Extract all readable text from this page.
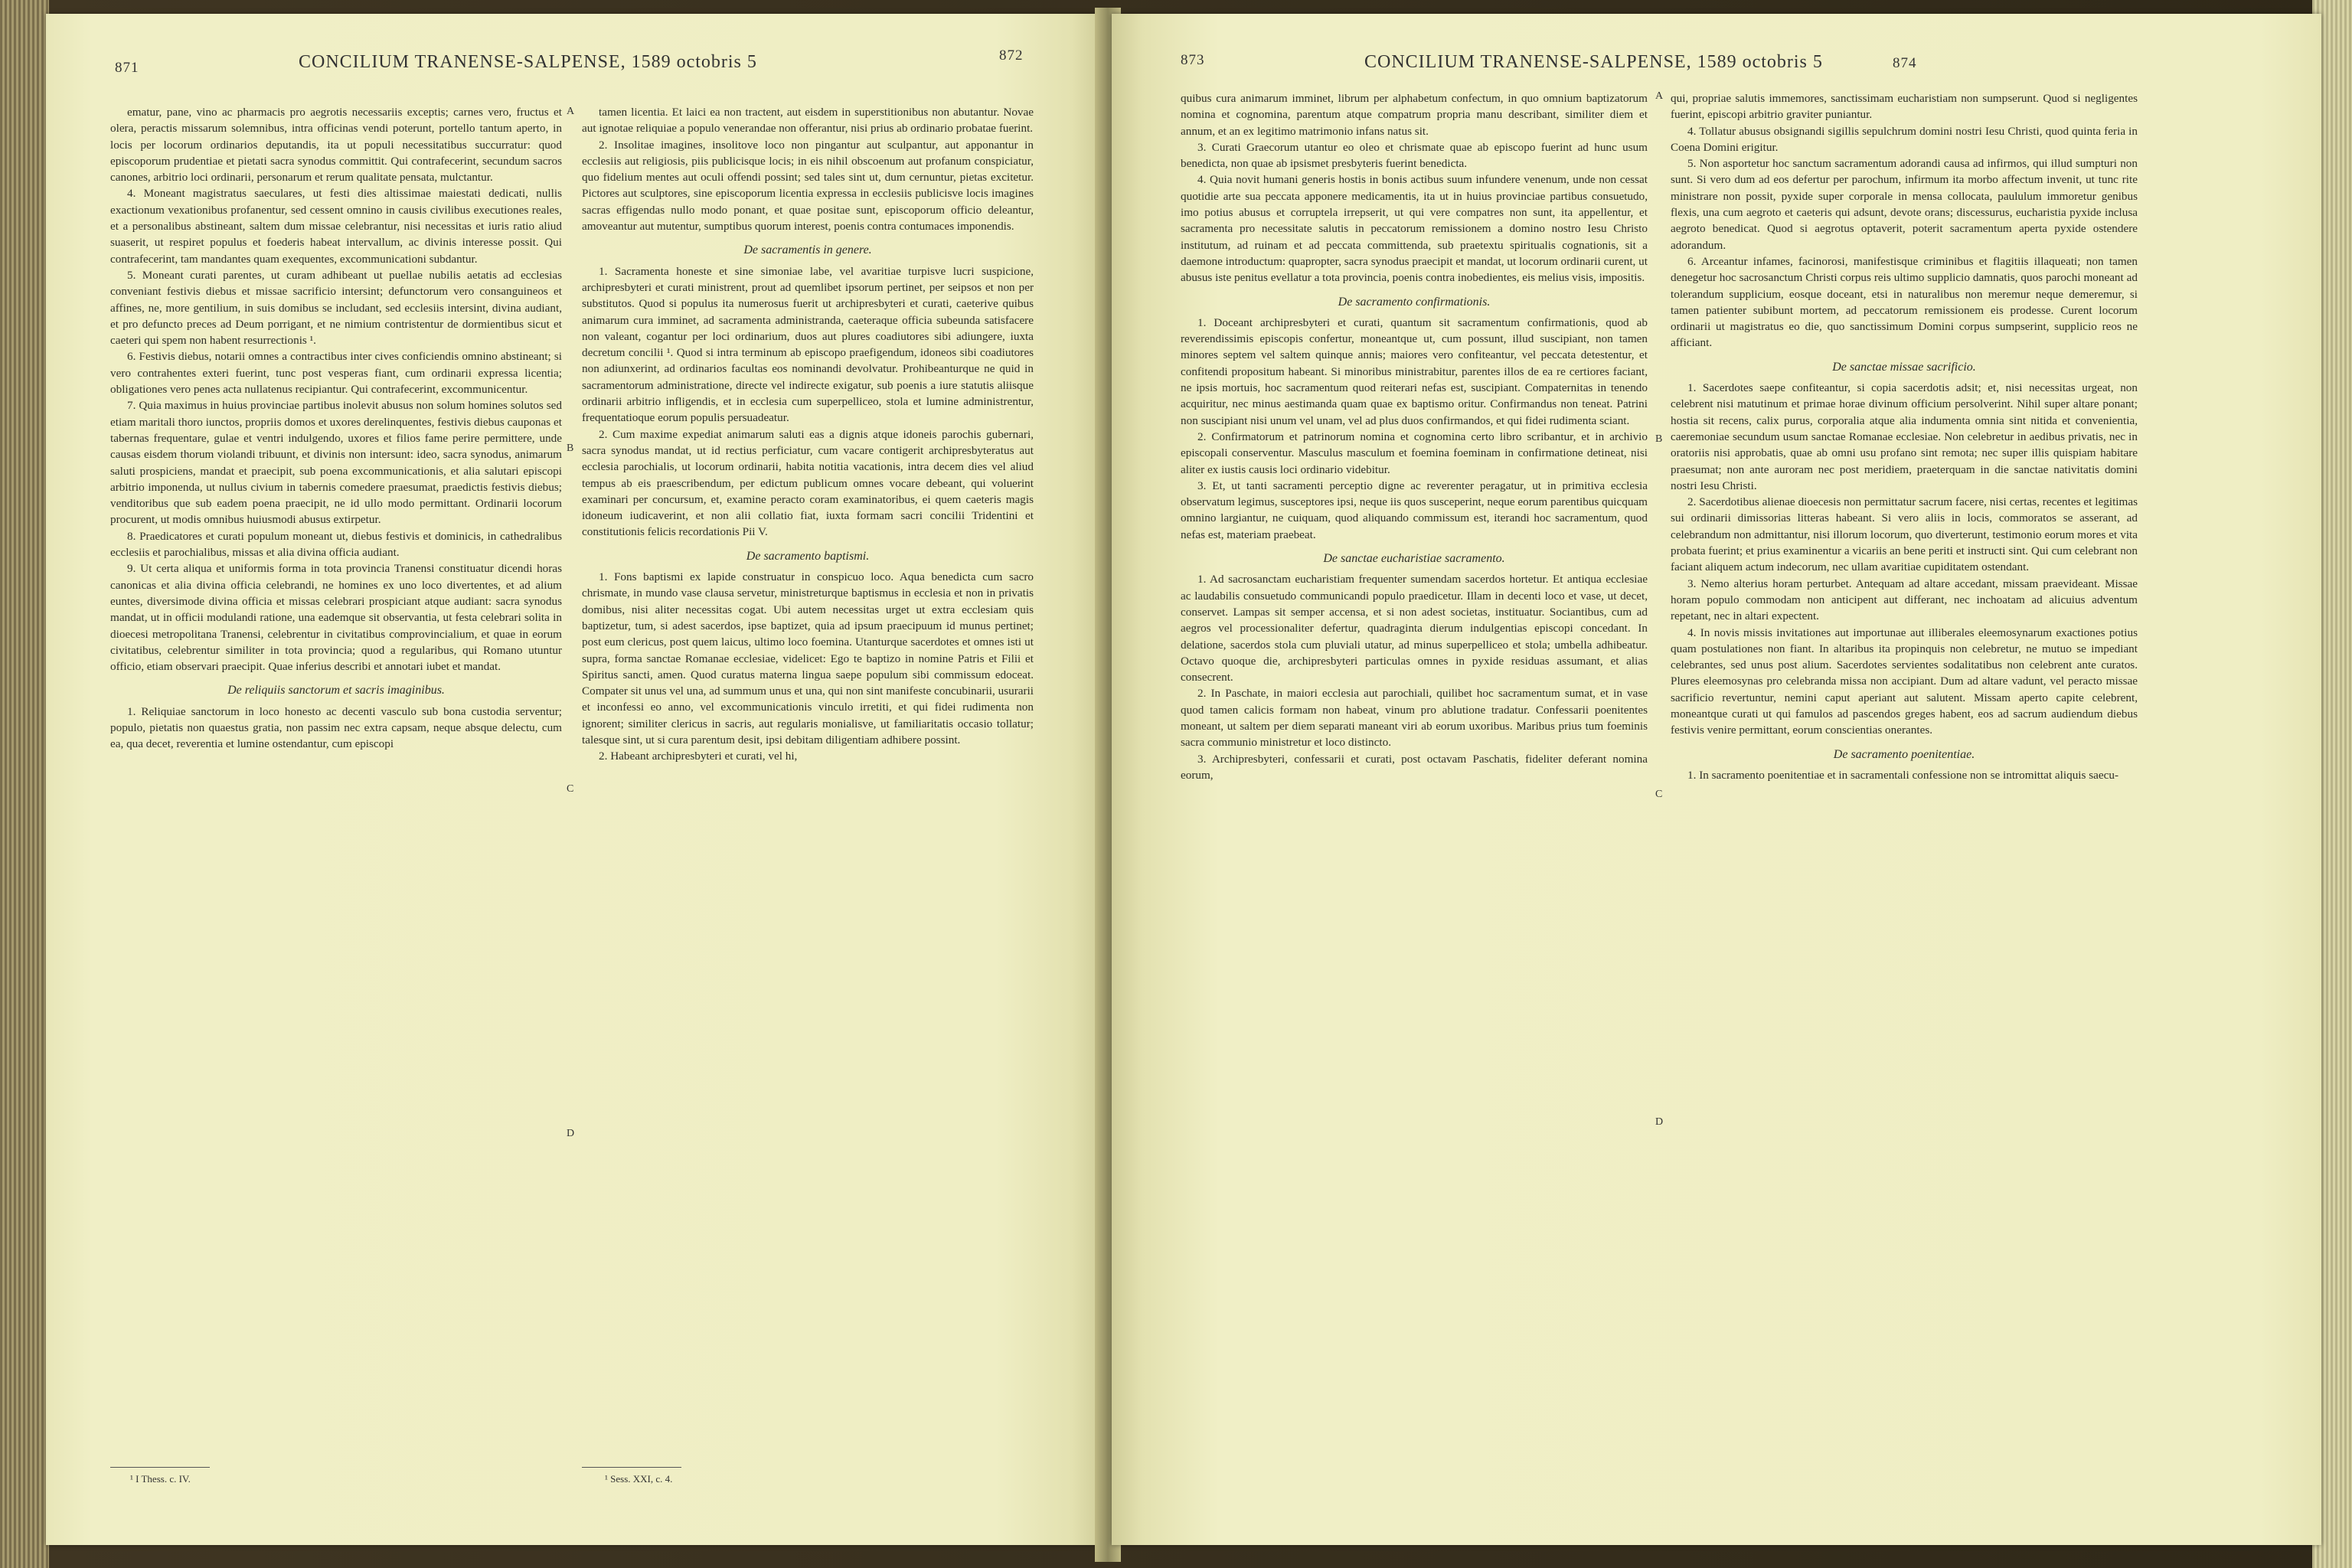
CONCILIUM TRANENSE-SALPENSE, 1589 octobris 5
871
872

ematur, pane, vino ac pharmacis pro aegrotis necessariis exceptis; carnes vero, fructus et olera, peractis missarum solemnibus, intra officinas vendi poterunt, portello tantum aperto, in locis per locorum ordinarios deputandis, ita ut populi necessitatibus succurratur: quod episcoporum prudentiae et pietati sacra synodus committit. Qui contrafecerint, secundum sacros canones, arbitrio loci ordinarii, personarum et rerum qualitate pensata, mulctantur.

4. Moneant magistratus saeculares, ut festi dies altissimae maiestati dedicati, nullis exactionum vexationibus profanentur, sed cessent omnino in causis civilibus executiones reales, et a personalibus abstineant, saltem dum missae celebrantur, nisi necessitas et iuris ratio aliud suaserit, ut respiret populus et foederis habeat intervallum, ac divinis interesse possit. Qui contrafecerint, tam mandantes quam exequentes, excommunicationi subdantur.

5. Moneant curati parentes, ut curam adhibeant ut puellae nubilis aetatis ad ecclesias conveniant festivis diebus et missae sacrificio intersint; defunctorum vero consanguineos et affines, ne, more gentilium, in suis domibus se includant, sed ecclesiis intersint, divina audiant, et pro defuncto preces ad Deum porrigant, et ne nimium contristentur de dormientibus sicut et caeteri qui spem non habent resurrectionis ¹.

6. Festivis diebus, notarii omnes a contractibus inter cives conficiendis omnino abstineant; si vero contrahentes exteri fuerint, tunc post vesperas fiant, cum ordinarii expressa licentia; obligationes vero penes acta nullatenus recipiantur. Qui contrafecerint, excommunicentur.

7. Quia maximus in huius provinciae partibus inolevit abusus non solum homines solutos sed etiam maritali thoro iunctos, propriis domos et uxores derelinquentes, festivis diebus cauponas et tabernas frequentare, gulae et ventri indulgendo, uxores et filios fame perire permittere, unde causas eisdem thorum violandi tribuunt, et divinis non intersunt: ideo, sacra synodus, animarum saluti prospiciens, mandat et praecipit, sub poena excommunicationis, et alia salutari episcopi arbitrio imponenda, ut nullus civium in tabernis comedere praesumat, praedictis festivis diebus; venditoribus que sub eadem poena praecipit, ne id ullo modo permittant. Ordinarii locorum procurent, ut modis omnibus huiusmodi abusus extirpetur.

8. Praedicatores et curati populum moneant ut, diebus festivis et dominicis, in cathedralibus ecclesiis et parochialibus, missas et alia divina officia audiant.

9. Ut certa aliqua et uniformis forma in tota provincia Tranensi constituatur dicendi horas canonicas et alia divina officia celebrandi, ne homines ex uno loco divertentes, et ad alium euntes, diversimode divina officia et missas celebrari prospiciant atque audiant: sacra synodus mandat, ut in officii modulandi ratione, una eademque sit observantia, ut festa celebrari solita in dioecesi metropolitana Tranensi, celebrentur in civitatibus comprovincialium, et quae in eorum civitatibus, celebrentur similiter in tota provincia; quod a regularibus, qui Romano utuntur officio, etiam observari praecipit. Quae inferius describi et annotari iubet et mandat.

De reliquiis sanctorum et sacris imaginibus.

1. Reliquiae sanctorum in loco honesto ac decenti vasculo sub bona custodia serventur; populo, pietatis non quaestus gratia, non passim nec extra capsam, neque absque delectu, cum ea, qua decet, reverentia et lumine ostendantur, cum episcopi

tamen licentia. Et laici ea non tractent, aut eisdem in superstitionibus non abutantur. Novae aut ignotae reliquiae a populo venerandae non offerantur, nisi prius ab ordinario probatae fuerint.

2. Insolitae imagines, insolitove loco non pingantur aut sculpantur, aut apponantur in ecclesiis aut religiosis, piis publicisque locis; in eis nihil obscoenum aut profanum conspiciatur, quo fidelium mentes aut oculi offendi possint; sed tales sint ut, dum cernuntur, pietas excitetur. Pictores aut sculptores, sine episcoporum licentia expressa in ecclesiis publicisve locis imagines sacras effigendas nullo modo ponant, et quae positae sunt, episcoporum officio deleantur, amoveantur aut mutentur, sumptibus quorum interest, poenis contra contumaces imponendis.

De sacramentis in genere.

1. Sacramenta honeste et sine simoniae labe, vel avaritiae turpisve lucri suspicione, archipresbyteri et curati ministrent, prout ad quemlibet ipsorum pertinet, per seipsos et non per substitutos. Quod si populus ita numerosus fuerit ut archipresbyteri et curati, caeterive quibus animarum cura imminet, ad sacramenta administranda, caeteraque officia subeunda satisfacere non valeant, cogantur per loci ordinarium, duos aut plures coadiutores sibi adiungere, iuxta decretum concilii ¹. Quod si intra terminum ab episcopo praefigendum, idoneos sibi coadiutores non adiunxerint, ad ordinarios facultas eos nominandi devolvatur. Prohibeanturque ne quid in sacramentorum administratione, directe vel indirecte exigatur, sub poenis a iure statutis aliisque ordinarii arbitrio infligendis, et in ecclesia cum superpelliceo, stola et lumine administrentur, frequentatioque eorum populis persuadeatur.

2. Cum maxime expediat animarum saluti eas a dignis atque idoneis parochis gubernari, sacra synodus mandat, ut id rectius perficiatur, cum vacare contigerit archipresbyteratus aut ecclesia parochialis, ut locorum ordinarii, habita notitia vacationis, intra decem dies vel aliud tempus ab eis praescribendum, per edictum publicum omnes vocare debeant, qui voluerint examinari per concursum, et, examine peracto coram examinatoribus, ei quem caeteris magis idoneum iudicaverint, et non alii collatio fiat, iuxta formam sacri concilii Tridentini et constitutionis felicis recordationis Pii V.

De sacramento baptismi.

1. Fons baptismi ex lapide construatur in conspicuo loco. Aqua benedicta cum sacro chrismate, in mundo vase clausa servetur, ministreturque baptismus in ecclesia et non in privatis domibus, nisi aliter necessitas cogat. Ubi autem necessitas urget ut extra ecclesiam quis baptizetur, tum, si adest sacerdos, ipse baptizet, quia ad ipsum praecipuum id munus pertinet; post eum clericus, post quem laicus, ultimo loco foemina. Utanturque sacerdotes et omnes isti ut supra, forma sanctae Romanae ecclesiae, videlicet: Ego te baptizo in nomine Patris et Filii et Spiritus sancti, amen. Quod curatus materna lingua saepe populum sibi commissum edoceat. Compater sit unus vel una, ad summum unus et una, qui non sint manifeste concubinarii, usurarii et inconfessi eo anno, vel excommunicationis vinculo irretiti, et qui fidei rudimenta non ignorent; similiter clericus in sacris, aut regularis monialisve, ut familiaritatis occasio tollatur; talesque sint, ut si cura parentum desit, ipsi debitam diligentiam adhibere possint.

2. Habeant archipresbyteri et curati, vel hi,

A
B
C
D
¹ I Thess. c. IV.	¹ Sess. XXI, c. 4.
CONCILIUM TRANENSE-SALPENSE, 1589 octobris 5
873	874

quibus cura animarum imminet, librum per alphabetum confectum, in quo omnium baptizatorum nomina et cognomina, parentum atque compatrum propria manu describant, similiter diem et annum, et an ex legitimo matrimonio infans natus sit.

3. Curati Graecorum utantur eo oleo et chrismate quae ab episcopo fuerint ad hunc usum benedicta, non quae ab ipsismet presbyteris fuerint benedicta.

4. Quia novit humani generis hostis in bonis actibus suum infundere venenum, unde non cessat quotidie arte sua peccata apponere medicamentis, ita ut in huius provinciae partibus consuetudo, imo potius abusus et corruptela irrepserit, ut qui vere compatres non sunt, ita appellentur, et sacramenta pro necessitate salutis in peccatorum remissionem a domino nostro Iesu Christo institutum, ad ruinam et ad peccata committenda, sub praetextu spiritualis cognationis, sit a daemone introductum: quapropter, sacra synodus praecipit et mandat, ut locorum ordinarii curent, ut abusus iste penitus evellatur a tota provincia, poenis contra inobedientes, eis melius visis, impositis.

De sacramento confirmationis.

1. Doceant archipresbyteri et curati, quantum sit sacramentum confirmationis, quod ab reverendissimis episcopis confertur, moneantque ut, cum possunt, illud suscipiant, non tamen minores septem vel saltem quinque annis; maiores vero confiteantur, vel peccata detestentur, et confitendi propositum habeant. Si minoribus ministrabitur, parentes illos de ea re certiores faciant, ne ipsis mortuis, hoc sacramentum quod reiterari nefas est, suscipiant. Compaternitas in tenendo acquiritur, nec minus aestimanda quam quae ex baptismo oritur. Confirmandus non teneat. Patrini non suscipiant nisi unum vel unam, vel ad plus duos confirmandos, et qui fidei rudimenta sciant.

2. Confirmatorum et patrinorum nomina et cognomina certo libro scribantur, et in archivio episcopali conserventur. Masculus masculum et foemina foeminam in confirmatione detineat, nisi aliter ex iustis causis loci ordinario videbitur.

3. Et, ut tanti sacramenti perceptio digne ac reverenter peragatur, ut in primitiva ecclesia observatum legimus, susceptores ipsi, neque iis quos susceperint, neque eorum parentibus quicquam omnino largiantur, ne cuiquam, quod aliquando commissum est, iterandi hoc sacramentum, quod nefas est, materiam praebeat.

De sanctae eucharistiae sacramento.

1. Ad sacrosanctam eucharistiam frequenter sumendam sacerdos hortetur. Et antiqua ecclesiae ac laudabilis consuetudo communicandi populo praedicetur. Illam in decenti loco et vase, ut decet, conservet. Lampas sit semper accensa, et si non adest societas, instituatur. Sociantibus, cum ad aegros vel processionaliter defertur, quadraginta dierum indulgentias episcopi concedant. In delatione, sacerdos stola cum pluviali utatur, ad minus superpelliceo et stola; umbella adhibeatur. Octavo quoque die, archipresbyteri particulas omnes in pyxide residuas assumant, et alias consecrent.

2. In Paschate, in maiori ecclesia aut parochiali, quilibet hoc sacramentum sumat, et in vase quod tamen calicis formam non habeat, vinum pro ablutione tradatur. Confessarii poenitentes moneant, ut saltem per diem separati maneant viri ab eorum uxoribus. Maribus prius tum foeminis sacra communio ministretur et loco distincto.

3. Archipresbyteri, confessarii et curati, post octavam Paschatis, fideliter deferant nomina eorum,

qui, propriae salutis immemores, sanctissimam eucharistiam non sumpserunt. Quod si negligentes fuerint, episcopi arbitrio graviter puniantur.

4. Tollatur abusus obsignandi sigillis sepulchrum domini nostri Iesu Christi, quod quinta feria in Coena Domini erigitur.

5. Non asportetur hoc sanctum sacramentum adorandi causa ad infirmos, qui illud sumpturi non sunt. Si vero dum ad eos defertur per parochum, infirmum ita morbo affectum invenit, ut tunc rite ministrare non possit, pyxide super corporale in mensa collocata, paululum immoretur genibus flexis, una cum aegroto et caeteris qui adsunt, devote orans; discessurus, eucharistia pyxide inclusa aegroto benedicat. Quod si aegrotus optaverit, poterit sacramentum aperta pyxide ostendere adorandum.

6. Arceantur infames, facinorosi, manifestisque criminibus et flagitiis illaqueati; non tamen denegetur hoc sacrosanctum Christi corpus reis ultimo supplicio damnatis, quos parochi moneant ad tolerandum supplicium, eosque doceant, etsi in naturalibus non meremur neque demeremur, si tamen patienter subibunt mortem, ad peccatorum remissionem eis prodesse. Curent locorum ordinarii ut magistratus eo die, quo sanctissimum Domini corpus sumpserint, supplicio reos ne afficiant.

De sanctae missae sacrificio.

1. Sacerdotes saepe confiteantur, si copia sacerdotis adsit; et, nisi necessitas urgeat, non celebrent nisi matutinum et primae horae divinum officium persolverint. Nihil super altare ponant; hostia sit recens, calix purus, corporalia atque alia indumenta omnia sint nitida et convenientia, caeremoniae secundum usum sanctae Romanae ecclesiae. Non celebretur in aedibus privatis, nec in oratoriis nisi approbatis, quae ab omni usu profano sint remota; nec super illis quispiam habitare praesumat; non ante auroram nec post meridiem, praeterquam in die sanctae nativitatis domini nostri Iesu Christi.

2. Sacerdotibus alienae dioecesis non permittatur sacrum facere, nisi certas, recentes et legitimas sui ordinarii dimissorias litteras habeant. Si vero aliis in locis, commoratos se asserant, ad celebrandum non admittantur, nisi illorum locorum, quo diverterunt, testimonio eorum mores et vita probata fuerint; et prius examinentur a vicariis an bene periti et instructi sint. Qui cum celebrant non faciant aliquem actum indecorum, nec ullam avaritiae cupiditatem ostendant.

3. Nemo alterius horam perturbet. Antequam ad altare accedant, missam praevideant. Missae horam populo commodam non anticipent aut differant, nec inchoatam ad alicuius adventum repetant, nec in altari expectent.

4. In novis missis invitationes aut importunae aut illiberales eleemosynarum exactiones potius quam postulationes non fiant. In altaribus ita propinquis non celebretur, ne mutuo se impediant celebrantes, sed unus post alium. Sacerdotes servientes sodalitatibus non celebrent ante curatos. Plures eleemosynas pro celebranda missa non accipiant. Dum ad altare vadunt, vel peracto missae sacrificio revertuntur, nemini caput aperiant aut salutent. Missam aperto capite celebrent, moneantque curati ut qui famulos ad pascendos greges habent, eos ad sacrum audiendum diebus festivis venire permittant, eorum conscientias onerantes.

De sacramento poenitentiae.

1. In sacramento poenitentiae et in sacramentali confessione non se intromittat aliquis saecu-

A
B
C
D
